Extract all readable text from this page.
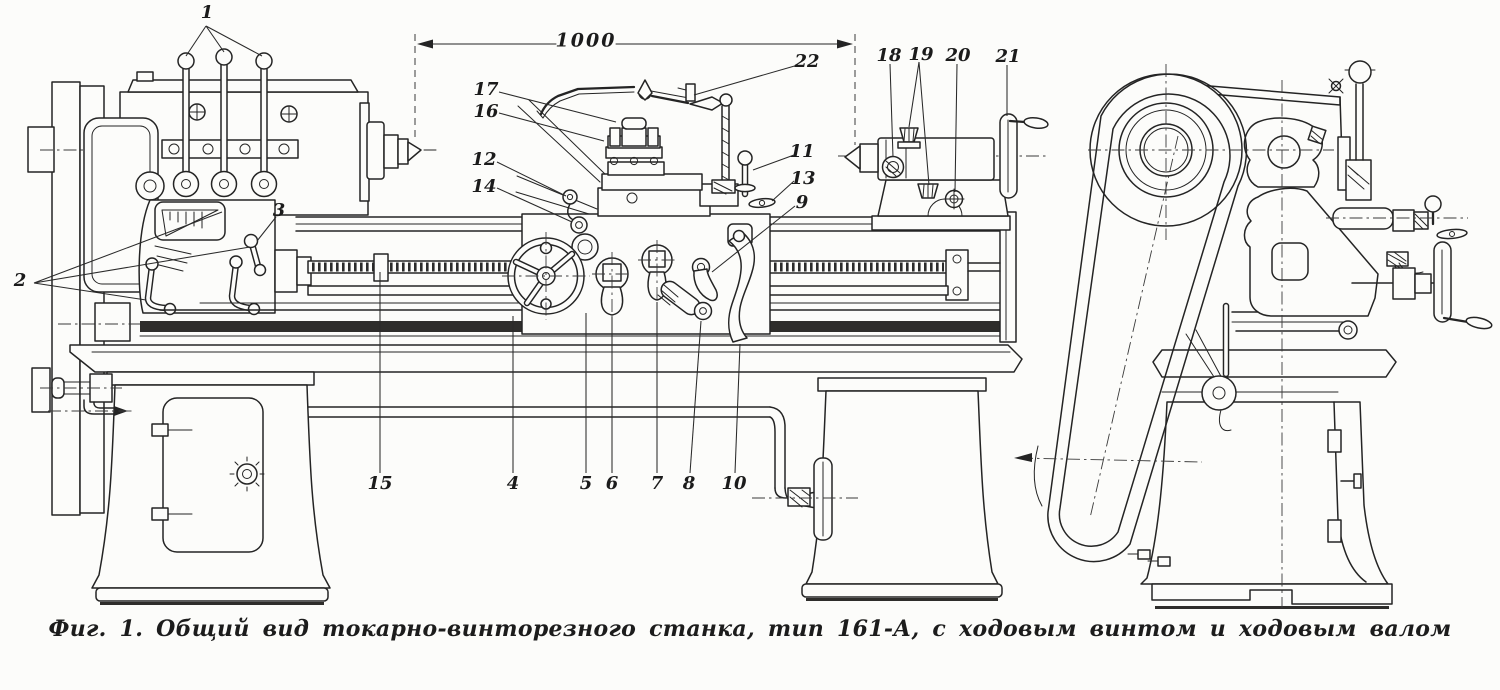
1
2
3
4	5 6 7 8
9
10
11
12
13
14
15
16
17
18 19 20 21
22
1000
Фиг. 1. Общий вид токарно-винторезного станка, тип 161-А, с ходовым винтом и ходовым валом
